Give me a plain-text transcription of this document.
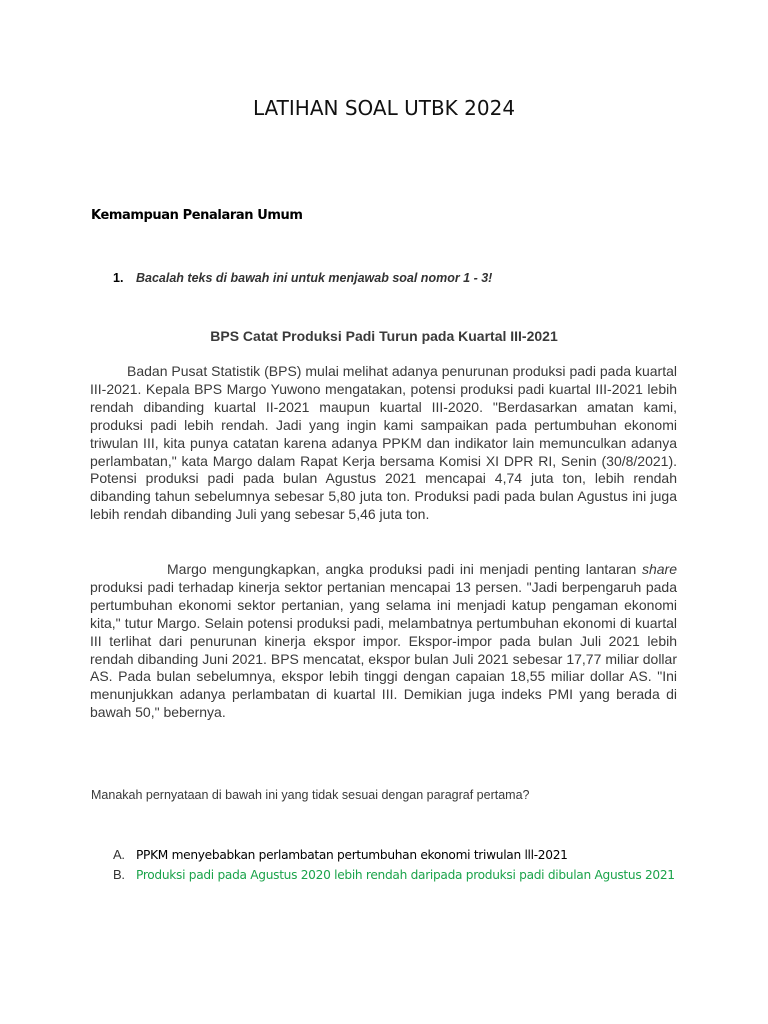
LATIHAN SOAL UTBK 2024
Kemampuan Penalaran Umum
1. Bacalah teks di bawah ini untuk menjawab soal nomor 1 - 3!
BPS Catat Produksi Padi Turun pada Kuartal III-2021

Badan Pusat Statistik (BPS) mulai melihat adanya penurunan produksi padi pada kuartal III-2021. Kepala BPS Margo Yuwono mengatakan, potensi produksi padi kuartal III-2021 lebih rendah dibanding kuartal II-2021 maupun kuartal III-2020. "Berdasarkan amatan kami, produksi padi lebih rendah. Jadi yang ingin kami sampaikan pada pertumbuhan ekonomi triwulan III, kita punya catatan karena adanya PPKM dan indikator lain memunculkan adanya perlambatan," kata Margo dalam Rapat Kerja bersama Komisi XI DPR RI, Senin (30/8/2021). Potensi produksi padi pada bulan Agustus 2021 mencapai 4,74 juta ton, lebih rendah dibanding tahun sebelumnya sebesar 5,80 juta ton. Produksi padi pada bulan Agustus ini juga lebih rendah dibanding Juli yang sebesar 5,46 juta ton.

Margo mengungkapkan, angka produksi padi ini menjadi penting lantaran share produksi padi terhadap kinerja sektor pertanian mencapai 13 persen. "Jadi berpengaruh pada pertumbuhan ekonomi sektor pertanian, yang selama ini menjadi katup pengaman ekonomi kita," tutur Margo. Selain potensi produksi padi, melambatnya pertumbuhan ekonomi di kuartal III terlihat dari penurunan kinerja ekspor impor. Ekspor-impor pada bulan Juli 2021 lebih rendah dibanding Juni 2021. BPS mencatat, ekspor bulan Juli 2021 sebesar 17,77 miliar dollar AS. Pada bulan sebelumnya, ekspor lebih tinggi dengan capaian 18,55 miliar dollar AS. "Ini menunjukkan adanya perlambatan di kuartal III. Demikian juga indeks PMI yang berada di bawah 50," bebernya.

Manakah pernyataan di bawah ini yang tidak sesuai dengan paragraf pertama?
A. PPKM menyebabkan perlambatan pertumbuhan ekonomi triwulan lll-2021
B. Produksi padi pada Agustus 2020 lebih rendah daripada produksi padi dibulan Agustus 2021
